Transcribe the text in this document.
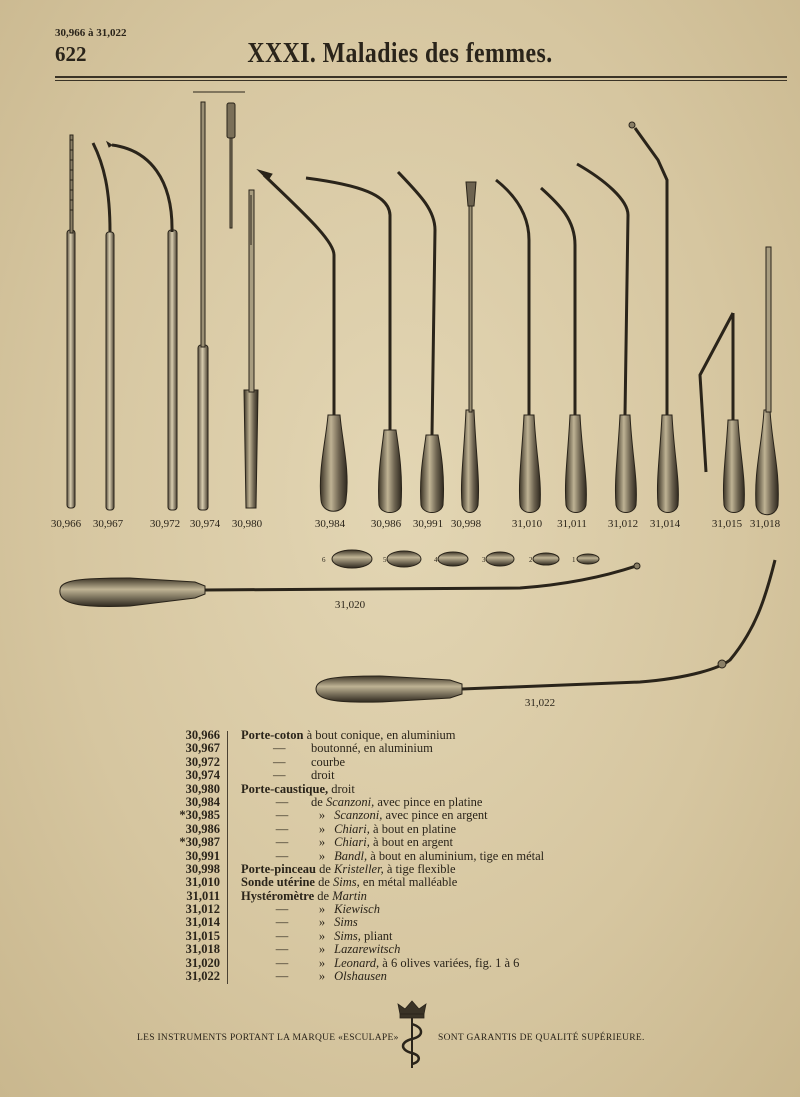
30,966 à 31,022
622	XXXI. Maladies des femmes.
6	5	4	3	2	1
30,966 30,967 30,972 30,974 30,980	30,984 30,986 30,991 30,998	31,010 31,011 31,012 31,014	31,015 31,018
31,020
31,022
30,966 Porte-coton à bout conique, en aluminium
30,967	— boutonné, en aluminium
30,972	— courbe
30,974	— droit
30,980 Porte-caustique, droit
30,984	— de Scanzoni, avec pince en platine
*30,985	— » Scanzoni, avec pince en argent
30,986	— » Chiari, à bout en platine
*30,987	— » Chiari, à bout en argent
30,991	— » Bandl, à bout en aluminium, tige en métal
30,998 Porte-pinceau de Kristeller, à tige flexible
31,010 Sonde utérine de Sims, en métal malléable
31,011 Hystéromètre de Martin
31,012	— » Kiewisch
31,014	— » Sims
31,015	— » Sims, pliant
31,018	— » Lazarewitsch
31,020	— » Leonard, à 6 olives variées, fig. 1 à 6
31,022	— » Olshausen
LES INSTRUMENTS PORTANT LA MARQUE «ESCULAPE»	SONT GARANTIS DE QUALITÉ SUPÉRIEURE.
